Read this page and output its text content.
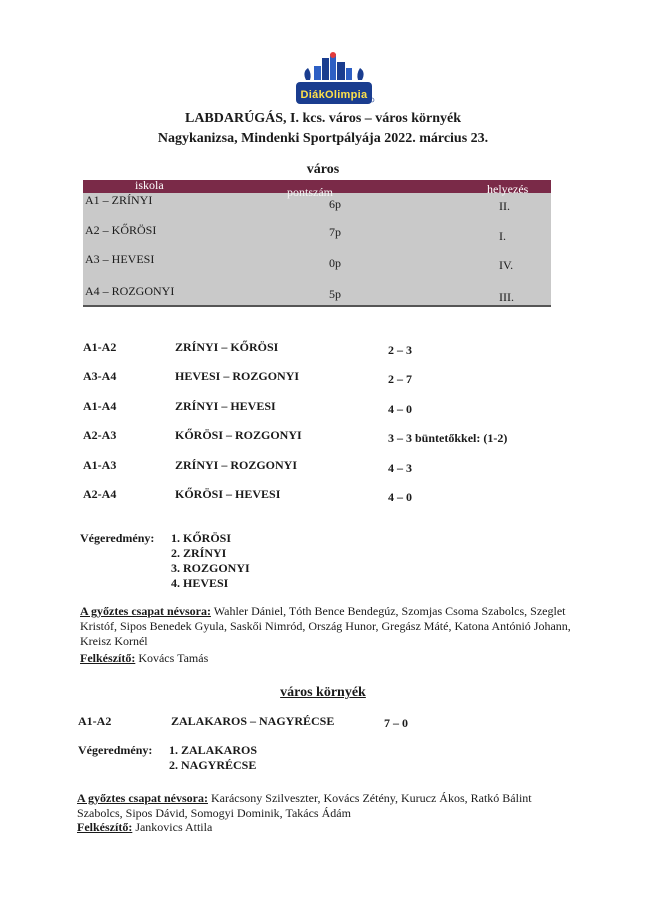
DiákOlimpia
LABDARÚGÁS, I. kcs. város – város környék
Nagykanizsa, Mindenki Sportpályája 2022. március 23.
város
iskola	pontszám	helyezés
A1 – ZRÍNYI	6p	II.
A2 – KŐRÖSI	7p	I.
A3 – HEVESI	0p	IV.
A4 – ROZGONYI	5p	III.
A1-A2	ZRÍNYI – KŐRÖSI	2 – 3
A3-A4	HEVESI – ROZGONYI	2 – 7
A1-A4	ZRÍNYI – HEVESI	4 – 0
A2-A3	KŐRÖSI – ROZGONYI	3 – 3 büntetőkkel: (1-2)
A1-A3	ZRÍNYI – ROZGONYI	4 – 3
A2-A4	KŐRÖSI – HEVESI	4 – 0
Végeredmény: 1. KŐRÖSI
2. ZRÍNYI
3. ROZGONYI
4. HEVESI
A győztes csapat névsora: Wahler Dániel, Tóth Bence Bendegúz, Szomjas Csoma Szabolcs, Szeglet Kristóf, Sipos Benedek Gyula, Saskői Nimród, Ország Hunor, Gregász Máté, Katona Antónió Johann, Kreisz Kornél
Felkészítő: Kovács Tamás
város környék
A1-A2	ZALAKAROS – NAGYRÉCSE	7 – 0
Végeredmény: 1. ZALAKAROS
2. NAGYRÉCSE
A győztes csapat névsora: Karácsony Szilveszter, Kovács Zétény, Kurucz Ákos, Ratkó Bálint Szabolcs, Sipos Dávid, Somogyi Dominik, Takács Ádám
Felkészítő: Jankovics Attila
